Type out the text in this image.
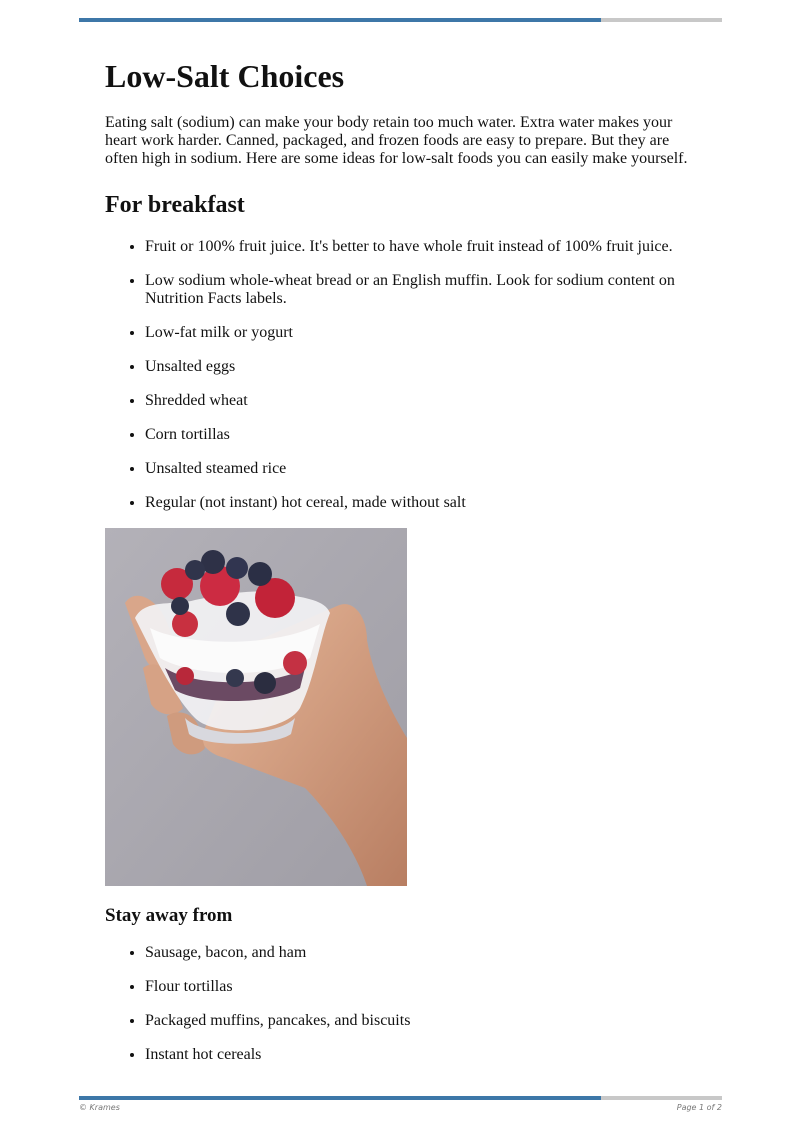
Low-Salt Choices

Eating salt (sodium) can make your body retain too much water. Extra water makes your heart work harder. Canned, packaged, and frozen foods are easy to prepare. But they are often high in sodium. Here are some ideas for low-salt foods you can easily make yourself.

For breakfast
• Fruit or 100% fruit juice. It's better to have whole fruit instead of 100% fruit juice.
• Low sodium whole-wheat bread or an English muffin. Look for sodium content on Nutrition Facts labels.
• Low-fat milk or yogurt
• Unsalted eggs
• Shredded wheat
• Corn tortillas
• Unsalted steamed rice
• Regular (not instant) hot cereal, made without salt
Stay away from
• Sausage, bacon, and ham
• Flour tortillas
• Packaged muffins, pancakes, and biscuits
• Instant hot cereals
© Krames	Page 1 of 2
